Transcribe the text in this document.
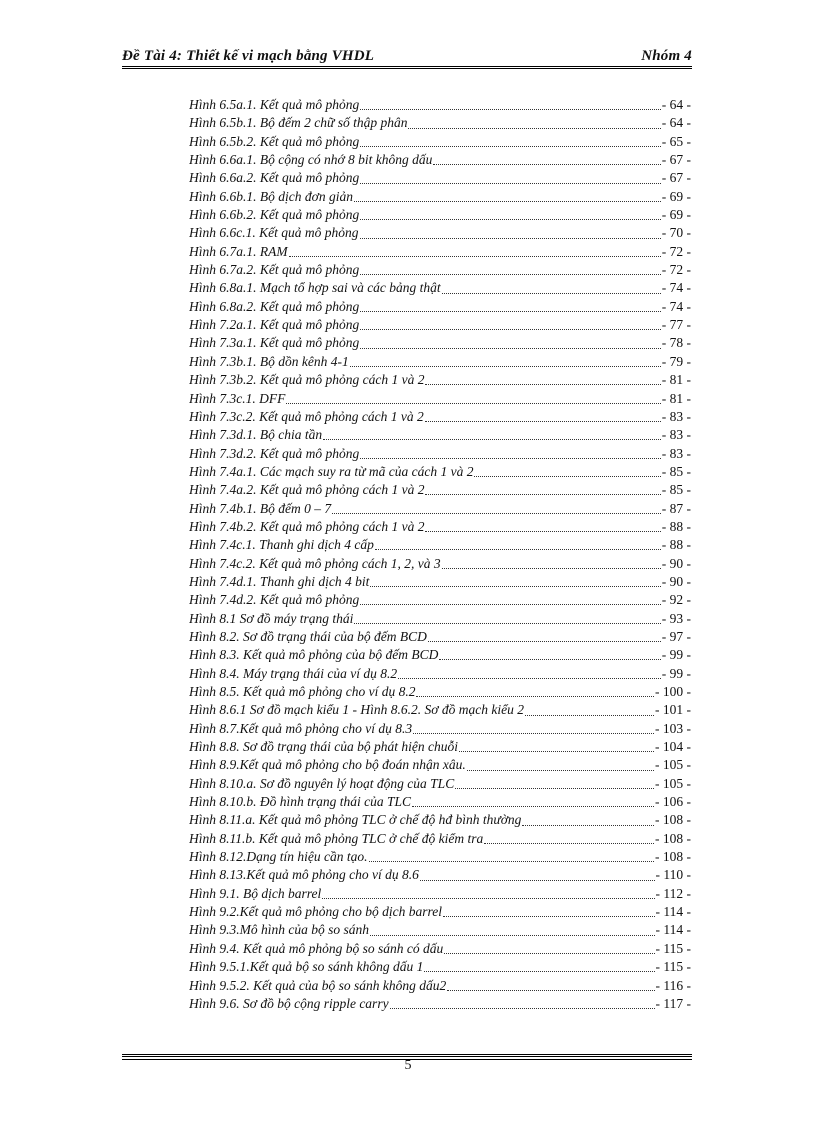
Đề Tài 4: Thiết kế vi mạch bằng VHDL	Nhóm 4
Hình 6.5a.1. Kết quả mô phỏng	- 64 -
Hình 6.5b.1. Bộ đếm 2 chữ số thập phân	- 64 -
Hình 6.5b.2. Kết quả mô phỏng	- 65 -
Hình 6.6a.1. Bộ cộng có nhớ 8 bit không dấu	- 67 -
Hình 6.6a.2. Kết quả mô phỏng	- 67 -
Hình 6.6b.1. Bộ dịch đơn giản	- 69 -
Hình 6.6b.2. Kết quả mô phỏng	- 69 -
Hình 6.6c.1. Kết quả mô phỏng	- 70 -
Hình 6.7a.1. RAM	- 72 -
Hình 6.7a.2. Kết quả mô phỏng	- 72 -
Hình 6.8a.1. Mạch tổ hợp sai và các bảng thật	- 74 -
Hình 6.8a.2. Kết quả mô phỏng	- 74 -
Hình 7.2a.1. Kết quả mô phỏng	- 77 -
Hình 7.3a.1. Kết quả mô phỏng	- 78 -
Hình 7.3b.1. Bộ dồn kênh 4-1	- 79 -
Hình 7.3b.2. Kết quả mô phỏng cách 1 và 2	- 81 -
Hình 7.3c.1. DFF	- 81 -
Hình 7.3c.2. Kết quả mô phỏng cách 1 và 2	- 83 -
Hình 7.3d.1. Bộ chia tần	- 83 -
Hình 7.3d.2. Kết quả mô phỏng	- 83 -
Hình 7.4a.1. Các mạch suy ra từ mã của cách 1 và 2	- 85 -
Hình 7.4a.2. Kết quả mô phỏng cách 1 và 2	- 85 -
Hình 7.4b.1. Bộ đếm 0 – 7	- 87 -
Hình 7.4b.2. Kết quả mô phỏng cách 1 và 2	- 88 -
Hình 7.4c.1. Thanh ghi dịch 4 cấp	- 88 -
Hình 7.4c.2. Kết quả mô phỏng cách 1, 2, và 3	- 90 -
Hình 7.4d.1. Thanh ghi dịch 4 bit	- 90 -
Hình 7.4d.2. Kết quả mô phỏng	- 92 -
Hình 8.1 Sơ đồ máy trạng thái	- 93 -
Hình 8.2. Sơ đồ trạng thái của bộ đếm BCD	- 97 -
Hình 8.3. Kết quả mô phỏng của bộ đếm BCD	- 99 -
Hình 8.4. Máy trạng thái của ví dụ 8.2	- 99 -
Hình 8.5. Kết quả mô phỏng cho ví dụ 8.2	- 100 -
Hình 8.6.1 Sơ đồ mạch kiểu 1 - Hình 8.6.2. Sơ đồ mạch kiểu 2	- 101 -
Hình 8.7.Kết quả mô phỏng cho ví dụ 8.3	- 103 -
Hình 8.8. Sơ đồ trạng thái của bộ phát hiện chuỗi	- 104 -
Hình 8.9.Kết quả mô phỏng cho bộ đoán nhận xâu.	- 105 -
Hình 8.10.a. Sơ đồ nguyên lý hoạt động của TLC	- 105 -
Hình 8.10.b. Đồ hình trạng thái của TLC	- 106 -
Hình 8.11.a. Kết quả mô phỏng TLC ở chế độ hđ bình thường	- 108 -
Hình 8.11.b. Kết quả mô phỏng TLC ở chế độ kiểm tra	- 108 -
Hình 8.12.Dạng tín hiệu cần tạo.	- 108 -
Hình 8.13.Kết quả mô phỏng cho ví dụ 8.6	- 110 -
Hình 9.1. Bộ dịch barrel	- 112 -
Hình 9.2.Kết quả mô phỏng cho bộ dịch barrel	- 114 -
Hình 9.3.Mô hình của bộ so sánh	- 114 -
Hình 9.4. Kết quả mô phỏng bộ so sánh có dấu	- 115 -
Hình 9.5.1.Kết quả bộ so sánh không dấu 1	- 115 -
Hình 9.5.2. Kết quả của bộ so sánh không dấu2	- 116 -
Hình 9.6. Sơ đồ bộ cộng ripple carry	- 117 -
5
